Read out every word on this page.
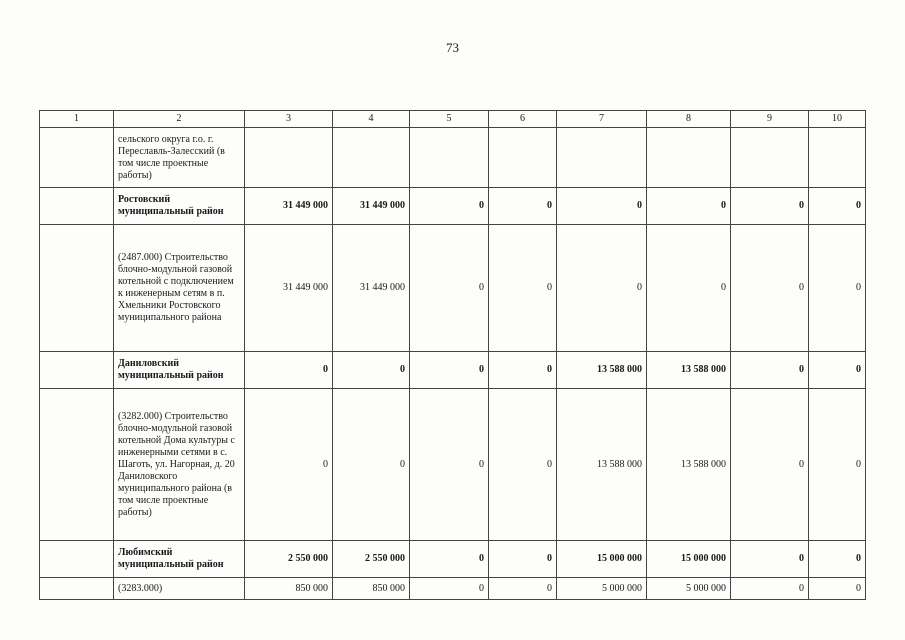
73
1	2	3	4	5	6	7	8	9	10
	сельского округа г.о. г. Переславль-Залесский (в том числе проектные работы)								
	Ростовский муниципальный район	31 449 000	31 449 000	0	0	0	0	0	0
	(2487.000) Строительство блочно-модульной газовой котельной с подключением к инженерным сетям в п. Хмельники Ростовского муниципального района	31 449 000	31 449 000	0	0	0	0	0	0
	Даниловский муниципальный район	0	0	0	0	13 588 000	13 588 000	0	0
	(3282.000) Строительство блочно-модульной газовой котельной Дома культуры с инженерными сетями в с. Шаготь, ул. Нагорная, д. 20 Даниловского муниципального района (в том числе проектные работы)	0	0	0	0	13 588 000	13 588 000	0	0
	Любимский муниципальный район	2 550 000	2 550 000	0	0	15 000 000	15 000 000	0	0
	(3283.000)	850 000	850 000	0	0	5 000 000	5 000 000	0	0
